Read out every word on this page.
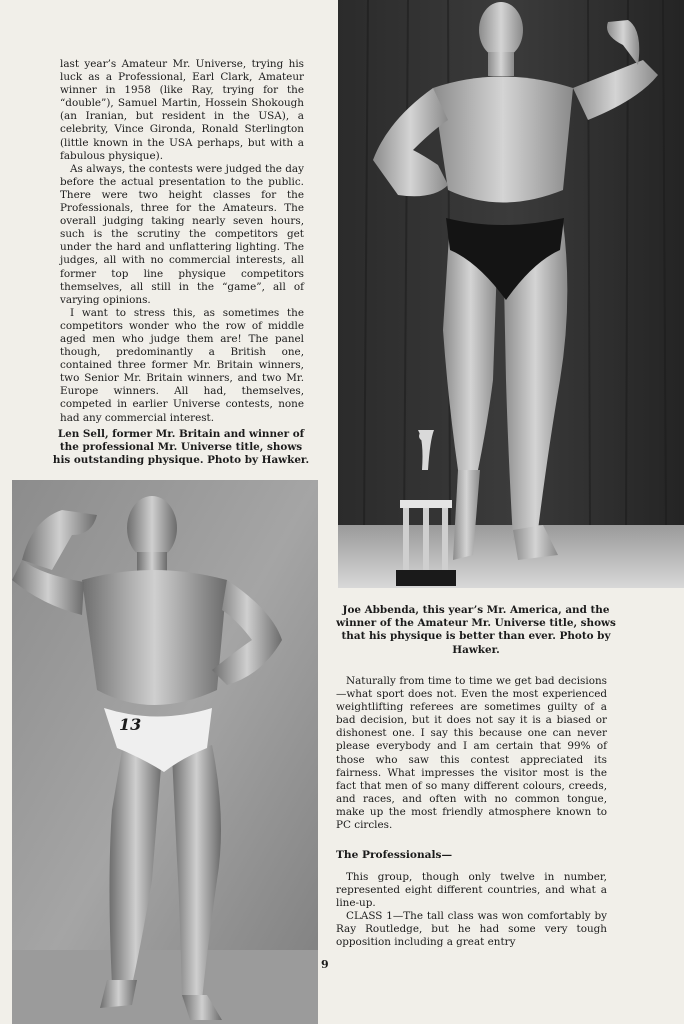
last year’s Amateur Mr. Universe, trying his luck as a Professional, Earl Clark, Amateur winner in 1958 (like Ray, trying for the “double”), Samuel Martin, Hossein Shokough (an Iranian, but resident in the USA), a celebrity, Vince Gironda, Ronald Sterlington (little known in the USA perhaps, but with a fabulous physique).

As always, the contests were judged the day before the actual presentation to the public. There were two height classes for the Professionals, three for the Amateurs. The overall judging taking nearly seven hours, such is the scrutiny the competitors get under the hard and unflattering lighting. The judges, all with no commercial interests, all former top line physique competitors themselves, all still in the “game”, all of varying opinions.

I want to stress this, as sometimes the competitors wonder who the row of middle aged men who judge them are! The panel though, predominantly a British one, contained three former Mr. Britain winners, two Senior Mr. Britain winners, and two Mr. Europe winners. All had, themselves, competed in earlier Universe contests, none had any commercial interest.

Len Sell, former Mr. Britain and winner of the professional Mr. Universe title, shows his outstanding physique. Photo by Hawker.
13
Joe Abbenda, this year’s Mr. America, and the winner of the Amateur Mr. Universe title, shows that his physique is better than ever. Photo by Hawker.

Naturally from time to time we get bad decisions—what sport does not. Even the most experienced weightlifting referees are sometimes guilty of a bad decision, but it does not say it is a biased or dishonest one. I say this because one can never please everybody and I am certain that 99% of those who saw this contest appreciated its fairness. What impresses the visitor most is the fact that men of so many different colours, creeds, and races, and often with no common tongue, make up the most friendly atmosphere known to PC circles.

The Professionals—

This group, though only twelve in number, represented eight different countries, and what a line-up.

CLASS 1—The tall class was won comfortably by Ray Routledge, but he had some very tough opposition including a great entry

9
